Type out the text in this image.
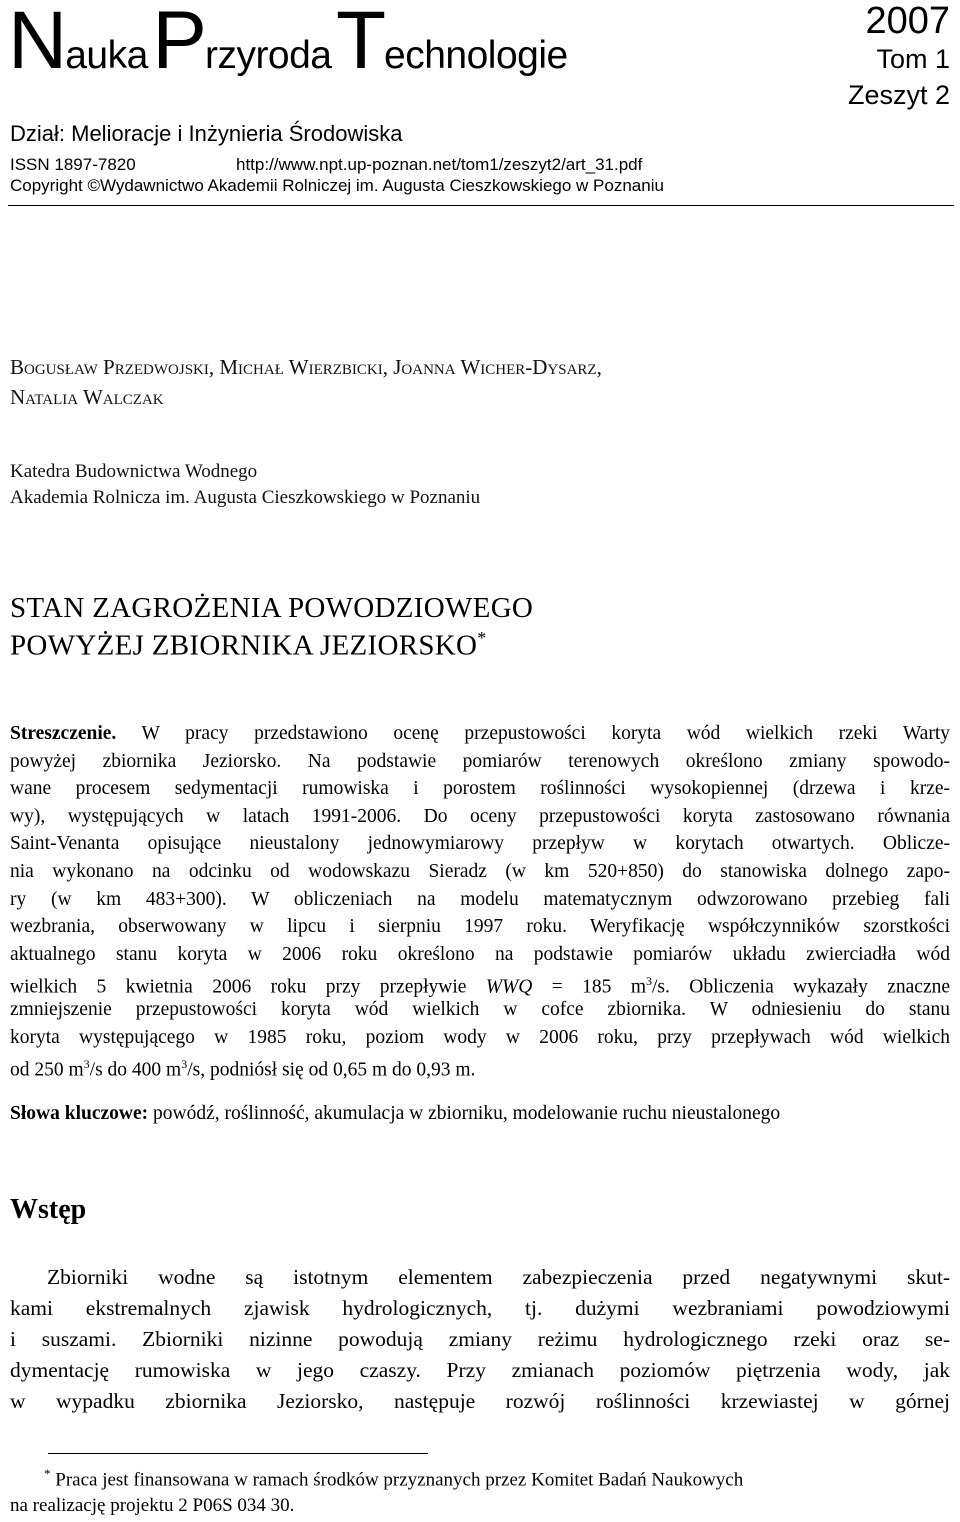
Nauka Przyroda Technologie
2007
Tom 1
Zeszyt 2
Dział: Melioracje i Inżynieria Środowiska
ISSN 1897-7820	http://www.npt.up-poznan.net/tom1/zeszyt2/art_31.pdf
Copyright ©Wydawnictwo Akademii Rolniczej im. Augusta Cieszkowskiego w Poznaniu
Bogusław Przedwojski, Michał Wierzbicki, Joanna Wicher-Dysarz,
Natalia Walczak
Katedra Budownictwa Wodnego
Akademia Rolnicza im. Augusta Cieszkowskiego w Poznaniu
STAN ZAGROŻENIA POWODZIOWEGO
POWYŻEJ ZBIORNIKA JEZIORSKO*
Streszczenie. W pracy przedstawiono ocenę przepustowości koryta wód wielkich rzeki Warty
powyżej zbiornika Jeziorsko. Na podstawie pomiarów terenowych określono zmiany spowodo-
wane procesem sedymentacji rumowiska i porostem roślinności wysokopiennej (drzewa i krze-
wy), występujących w latach 1991-2006. Do oceny przepustowości koryta zastosowano równania
Saint-Venanta opisujące nieustalony jednowymiarowy przepływ w korytach otwartych. Oblicze-
nia wykonano na odcinku od wodowskazu Sieradz (w km 520+850) do stanowiska dolnego zapo-
ry (w km 483+300). W obliczeniach na modelu matematycznym odwzorowano przebieg fali
wezbrania, obserwowany w lipcu i sierpniu 1997 roku. Weryfikację współczynników szorstkości
aktualnego stanu koryta w 2006 roku określono na podstawie pomiarów układu zwierciadła wód
wielkich 5 kwietnia 2006 roku przy przepływie WWQ = 185 $m^3/s$. Obliczenia wykazały znaczne
zmniejszenie przepustowości koryta wód wielkich w cofce zbiornika. W odniesieniu do stanu
koryta występującego w 1985 roku, poziom wody w 2006 roku, przy przepływach wód wielkich
od 250 $m^3/s$ do 400 $m^3/s$, podniósł się od 0,65 m do 0,93 m.
Słowa kluczowe: powódź, roślinność, akumulacja w zbiorniku, modelowanie ruchu nieustalonego
Wstęp
Zbiorniki wodne są istotnym elementem zabezpieczenia przed negatywnymi skut-
kami ekstremalnych zjawisk hydrologicznych, tj. dużymi wezbraniami powodziowymi
i suszami. Zbiorniki nizinne powodują zmiany reżimu hydrologicznego rzeki oraz se-
dymentację rumowiska w jego czaszy. Przy zmianach poziomów piętrzenia wody, jak
w wypadku zbiornika Jeziorsko, następuje rozwój roślinności krzewiastej w górnej
* Praca jest finansowana w ramach środków przyznanych przez Komitet Badań Naukowych
na realizację projektu 2 P06S 034 30.
